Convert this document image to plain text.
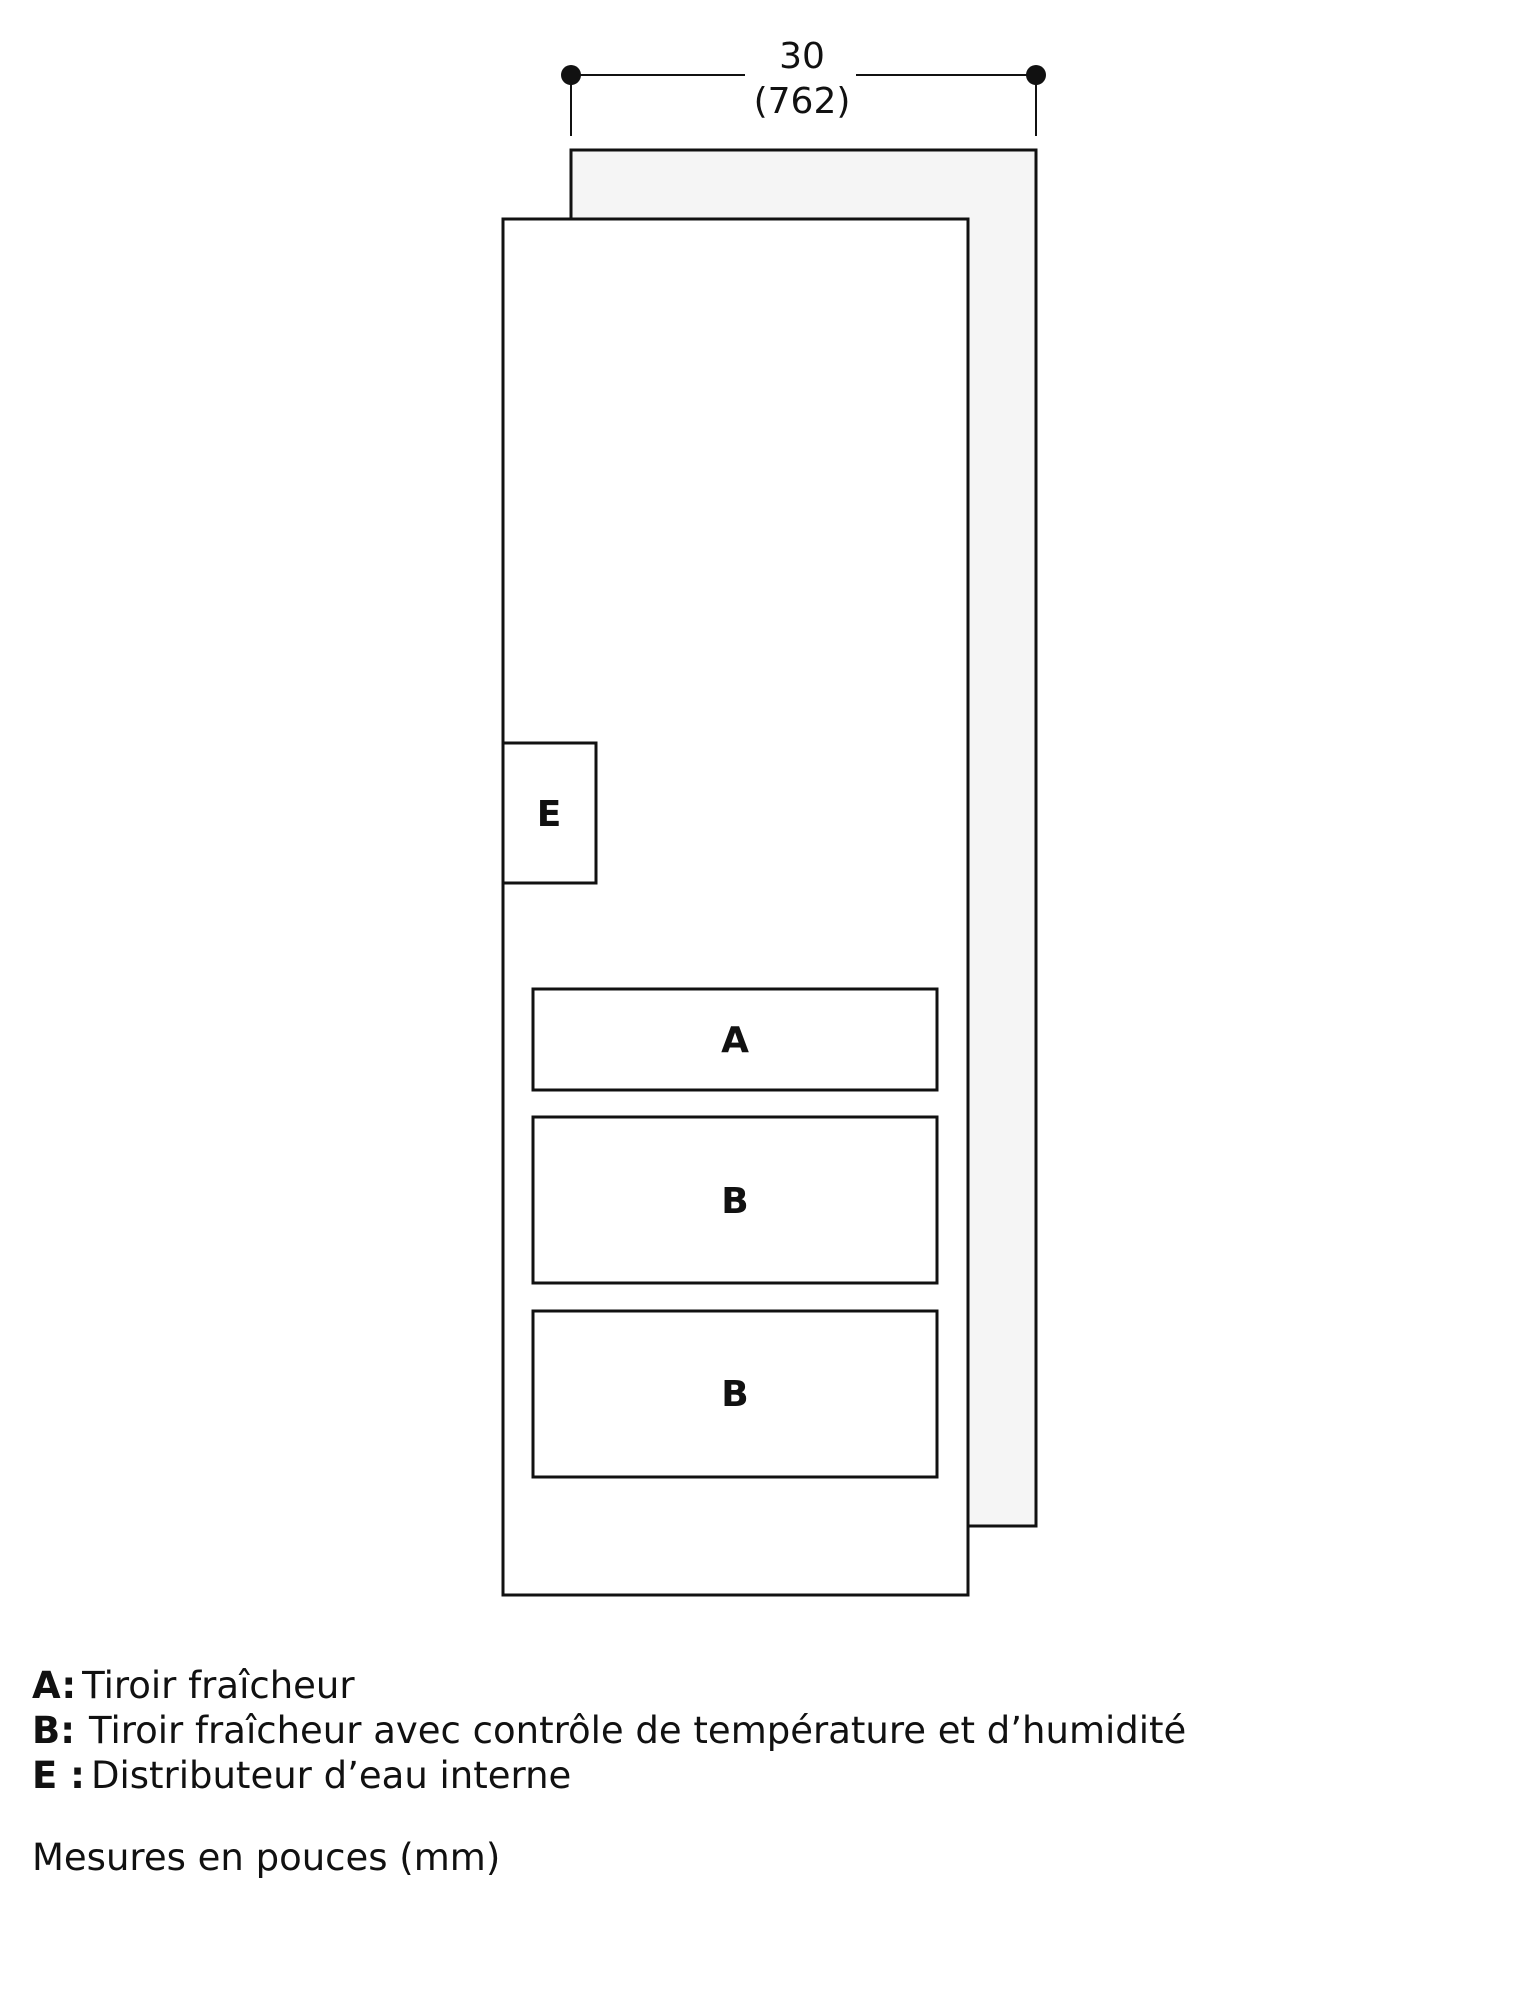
30
(762)
E
A
B
B
A: Tiroir fraîcheur
B: Tiroir fraîcheur avec contrôle de température et d’humidité
E : Distributeur d’eau interne
Mesures en pouces (mm)
